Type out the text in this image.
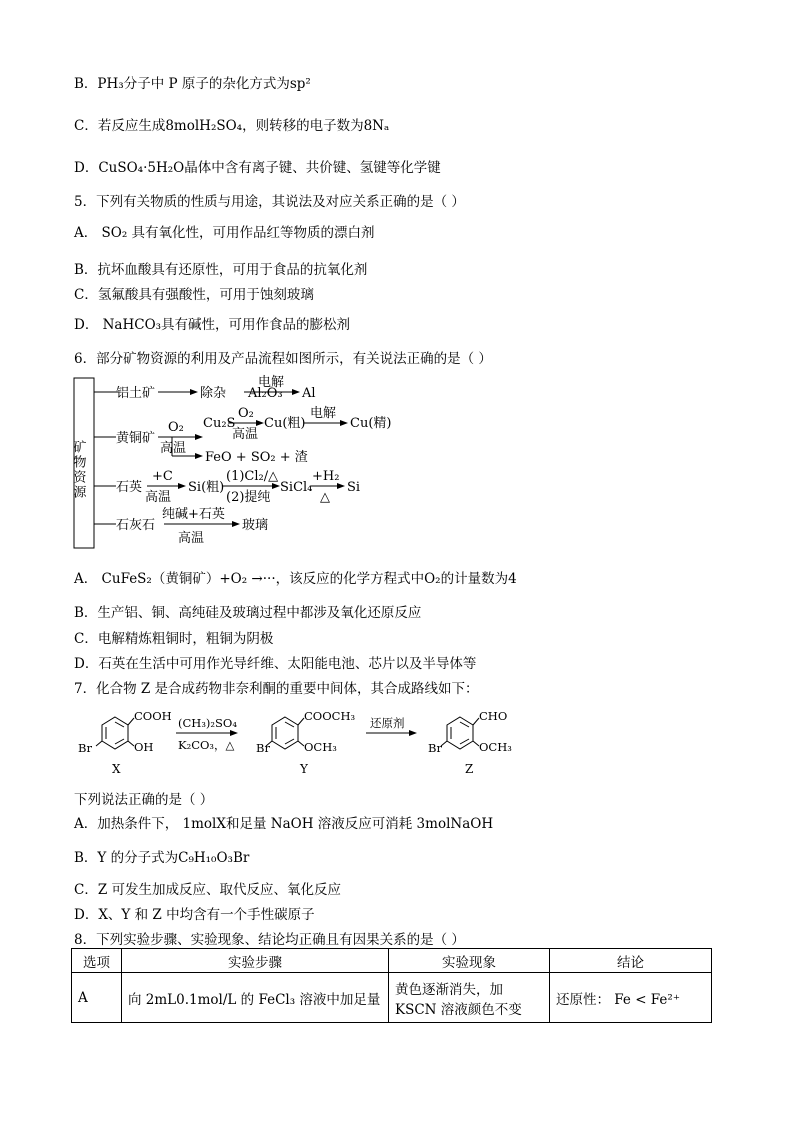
B．PH₃分子中 P 原子的杂化方式为sp²
C．若反应生成8molH₂SO₄，则转移的电子数为8Nₐ
D．CuSO₄·5H₂O晶体中含有离子键、共价键、氢键等化学键
5．下列有关物质的性质与用途，其说法及对应关系正确的是（ ）
A． SO₂ 具有氧化性，可用作品红等物质的漂白剂
B．抗坏血酸具有还原性，可用于食品的抗氧化剂
C．氢氟酸具有强酸性，可用于蚀刻玻璃
D． NaHCO₃具有碱性，可用作食品的膨松剂
6．部分矿物资源的利用及产品流程如图所示，有关说法正确的是（ ）
矿物资源
铝土矿	除杂 Al₂O₃
电解
Al
黄铜矿
O₂
高温
Cu₂S
O₂
高温
Cu(粗)
电解
Cu(精)
FeO + SO₂ + 渣
石英
+C
高温
Si(粗)
(1)Cl₂/△
(2)提纯
SiCl₄
+H₂
△
Si
石灰石
纯碱+石英
高温
玻璃
A． CuFeS₂（黄铜矿）+O₂ →···，该反应的化学方程式中O₂的计量数为4
B．生产铝、铜、高纯硅及玻璃过程中都涉及氧化还原反应
C．电解精炼粗铜时，粗铜为阴极
D．石英在生活中可用作光导纤维、太阳能电池、芯片以及半导体等
7．化合物 Z 是合成药物非奈利酮的重要中间体，其合成路线如下：
COOH
OH
Br
X
(CH₃)₂SO₄
K₂CO₃，△
COOCH₃
OCH₃
Br
Y
还原剂	CHO
OCH₃
Br
Z
下列说法正确的是（ ）
A．加热条件下， 1molX和足量 NaOH 溶液反应可消耗 3molNaOH
B．Y 的分子式为C₉H₁₀O₃Br
C．Z 可发生加成反应、取代反应、氧化反应
D．X、Y 和 Z 中均含有一个手性碳原子
8．下列实验步骤、实验现象、结论均正确且有因果关系的是（ ）
选项	实验步骤	实验现象	结论
A	向 2mL0.1mol/L 的 FeCl₃ 溶液中加足量	黄色逐渐消失，加
KSCN 溶液颜色不变	还原性： Fe < Fe²⁺
